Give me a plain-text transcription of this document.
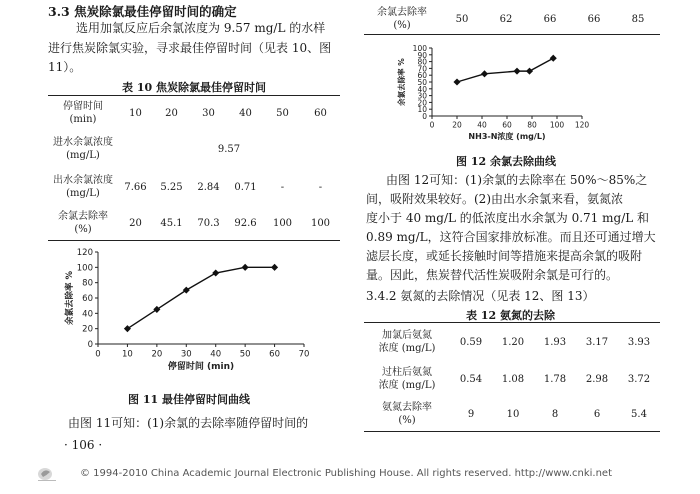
3.3 焦炭除氯最佳停留时间的确定
选用加氯反应后余氯浓度为 9.57 mg/L 的水样
进行焦炭除氯实验，寻求最佳停留时间（见表 10、图
11）。
表 10 焦炭除氯最佳停留时间
停留时间
(min)	10	20	30	40	50	60
进水余氯浓度
(mg/L)	9.57					
出水余氯浓度
(mg/L)	7.66	5.25	2.84	0.71	-	-
余氯去除率
(%)	20	45.1	70.3	92.6	100	100
0
20
40
60
80
100
120
0	10 20 30 40 50 60 70
停留时间 (min)
余氯去除率 %
图 11 最佳停留时间曲线
由图 11可知：(1)余氯的去除率随停留时间的
· 106 ·
余氯去除率
(%)	50	62	66	66	85
0
10
20
30
40
50
60
70
80
90
100
0 20 40 60 80 100 120
NH3-N浓度 (mg/L)
余氯去除率 %
图 12 余氯去除曲线
由图 12可知：(1)余氯的去除率在 50%～85%之
间，吸附效果较好。(2)由出水余氯来看，氨氮浓
度小于 40 mg/L 的低浓度出水余氯为 0.71 mg/L 和
0.89 mg/L，这符合国家排放标准。而且还可通过增大
滤层长度，或延长接触时间等措施来提高余氯的吸附
量。因此，焦炭替代活性炭吸附余氯是可行的。
3.4.2 氨氮的去除情况（见表 12、图 13）
表 12 氨氮的去除
加氯后氨氮
浓度 (mg/L)	0.59	1.20	1.93	3.17	3.93
过柱后氨氮
浓度 (mg/L)	0.54	1.08	1.78	2.98	3.72
氨氮去除率
(%)	9	10	8	6	5.4
© 1994-2010 China Academic Journal Electronic Publishing House. All rights reserved. http://www.cnki.net
